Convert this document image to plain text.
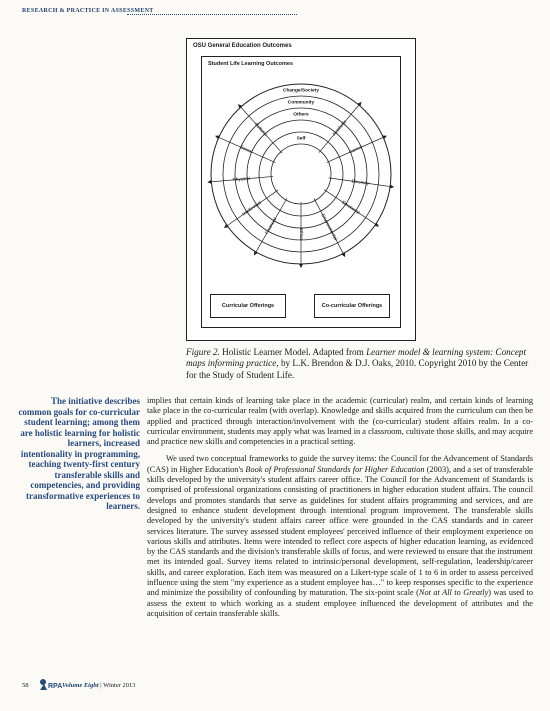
RESEARCH & PRACTICE IN ASSESSMENT
OSU General Education Outcomes
Student Life Learning Outcomes
Cultural	Aesthetic
Social	Career
Physical	Diversity
Intellectual	Emotional
Financial	Environmental
Ethics
Change/Society
Community
Others
Self
Curricular Offerings	Co-curricular Offerings
Figure 2. Holistic Learner Model. Adapted from Learner model & learning system: Concept maps informing practice, by L.K. Brendon & D.J. Oaks, 2010. Copyright 2010 by the Center for the Study of Student Life.
The initiative describes common goals for co-curricular student learning; among them are holistic learning for holistic learners, increased intentionality in programming, teaching twenty-first century transferable skills and competencies, and providing transformative experiences to learners.

implies that certain kinds of learning take place in the academic (curricular) realm, and certain kinds of learning take place in the co-curricular realm (with overlap). Knowledge and skills acquired from the curriculum can then be applied and practiced through interaction/involvement with the (co-curricular) student affairs realm. In a co-curricular environment, students may apply what was learned in a classroom, cultivate those skills, and may acquire and practice new skills and competencies in a practical setting.

We used two conceptual frameworks to guide the survey items: the Council for the Advancement of Standards (CAS) in Higher Education's Book of Professional Standards for Higher Education (2003), and a set of transferable skills developed by the university's student affairs career office. The Council for the Advancement of Standards is comprised of professional organizations consisting of practitioners in higher education student affairs. The council develops and promotes standards that serve as guidelines for student affairs programming and services, and are designed to enhance student development through intentional program improvement. The transferable skills developed by the university's student affairs career office were grounded in the CAS standards and in career services literature. The survey assessed student employees' perceived influence of their employment experience on various skills and attributes. Items were intended to reflect core aspects of higher education learning, as evidenced by the CAS standards and the division's transferable skills of focus, and were reviewed to ensure that the instrument met its intended goal. Survey items related to intrinsic/personal development, self-regulation, leadership/career skills, and career exploration. Each item was measured on a Likert-type scale of 1 to 6 in order to assess perceived influence using the stem "my experience as a student employee has…" to keep responses specific to the experience and minimize the possibility of confounding by maturation. The six-point scale (Not at All to Greatly) was used to assess the extent to which working as a student employee influenced the development of attributes and the acquisition of certain transferable skills.

58	RPA Volume Eight | Winter 2013
